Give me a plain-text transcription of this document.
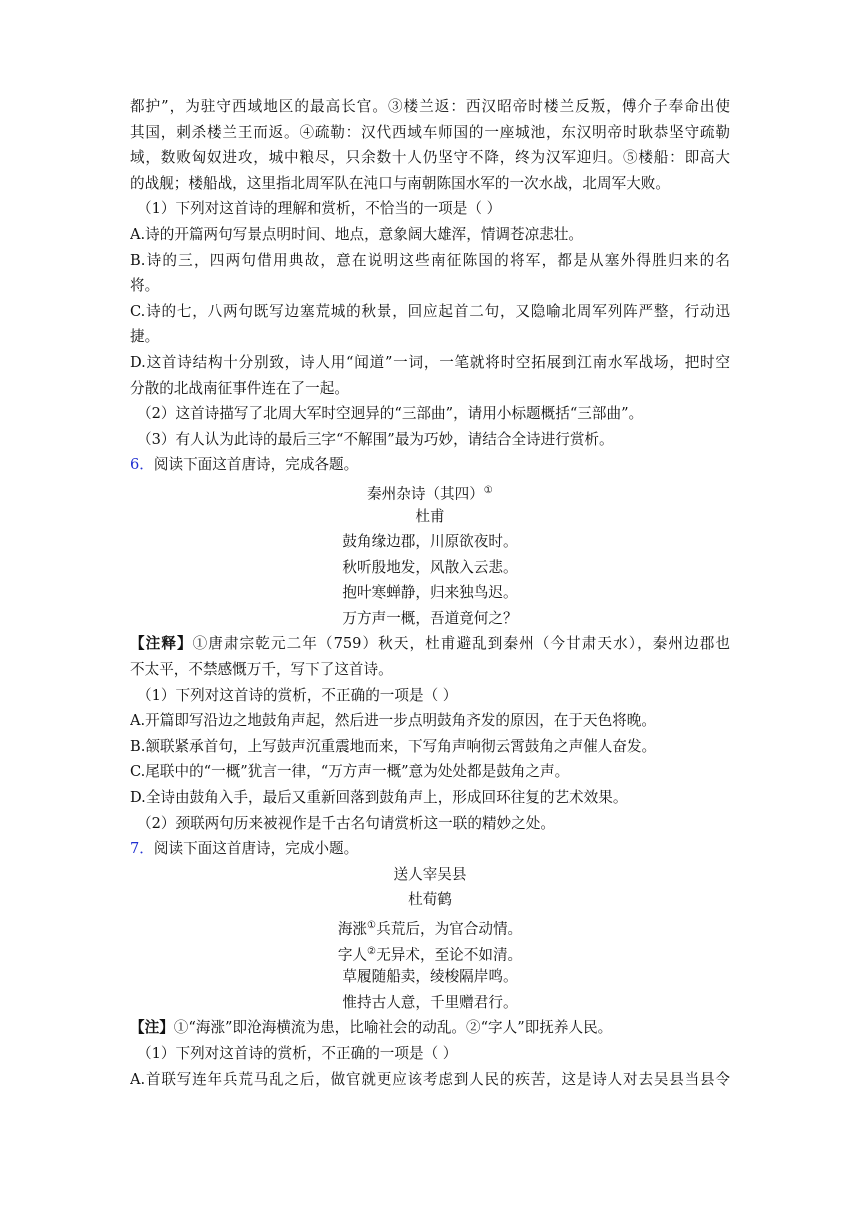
都护”，为驻守西域地区的最高长官。③楼兰返：西汉昭帝时楼兰反叛，傅介子奉命出使
其国，刺杀楼兰王而返。④疏勒：汉代西域车师国的一座城池，东汉明帝时耿恭坚守疏勒
域，数败匈奴进攻，城中粮尽，只余数十人仍坚守不降，终为汉军迎归。⑤楼船：即高大
的战舰；楼船战，这里指北周军队在沌口与南朝陈国水军的一次水战，北周军大败。
（1）下列对这首诗的理解和赏析，不恰当的一项是（ ）
A.诗的开篇两句写景点明时间、地点，意象阔大雄浑，情调苍凉悲壮。
B.诗的三，四两句借用典故，意在说明这些南征陈国的将军，都是从塞外得胜归来的名
将。
C.诗的七，八两句既写边塞荒城的秋景，回应起首二句，又隐喻北周军列阵严整，行动迅
捷。
D.这首诗结构十分别致，诗人用“闻道”一词，一笔就将时空拓展到江南水军战场，把时空
分散的北战南征事件连在了一起。
（2）这首诗描写了北周大军时空迥异的“三部曲”，请用小标题概括“三部曲”。
（3）有人认为此诗的最后三字“不解围”最为巧妙，请结合全诗进行赏析。
6．阅读下面这首唐诗，完成各题。
秦州杂诗（其四）①
杜甫
鼓角缘边郡，川原欲夜时。
秋听殷地发，风散入云悲。
抱叶寒蝉静，归来独鸟迟。
万方声一概，吾道竟何之？
【注释】①唐肃宗乾元二年（759）秋天，杜甫避乱到秦州（今甘肃天水），秦州边郡也
不太平，不禁感慨万千，写下了这首诗。
（1）下列对这首诗的赏析，不正确的一项是（ ）
A.开篇即写沿边之地鼓角声起，然后进一步点明鼓角齐发的原因，在于天色将晚。
B.颔联紧承首句，上写鼓声沉重震地而来，下写角声响彻云霄鼓角之声催人奋发。
C.尾联中的“一概”犹言一律，“万方声一概”意为处处都是鼓角之声。
D.全诗由鼓角入手，最后又重新回落到鼓角声上，形成回环往复的艺术效果。
（2）颈联两句历来被视作是千古名句请赏析这一联的精妙之处。
7．阅读下面这首唐诗，完成小题。
送人宰吴县
杜荀鹤
海涨①兵荒后，为官合动情。
字人②无异术，至论不如清。
草履随船卖，绫梭隔岸鸣。
惟持古人意，千里赠君行。
【注】①“海涨”即沧海横流为患，比喻社会的动乱。②“字人”即抚养人民。
（1）下列对这首诗的赏析，不正确的一项是（ ）
A.首联写连年兵荒马乱之后，做官就更应该考虑到人民的疾苦，这是诗人对去吴县当县令
